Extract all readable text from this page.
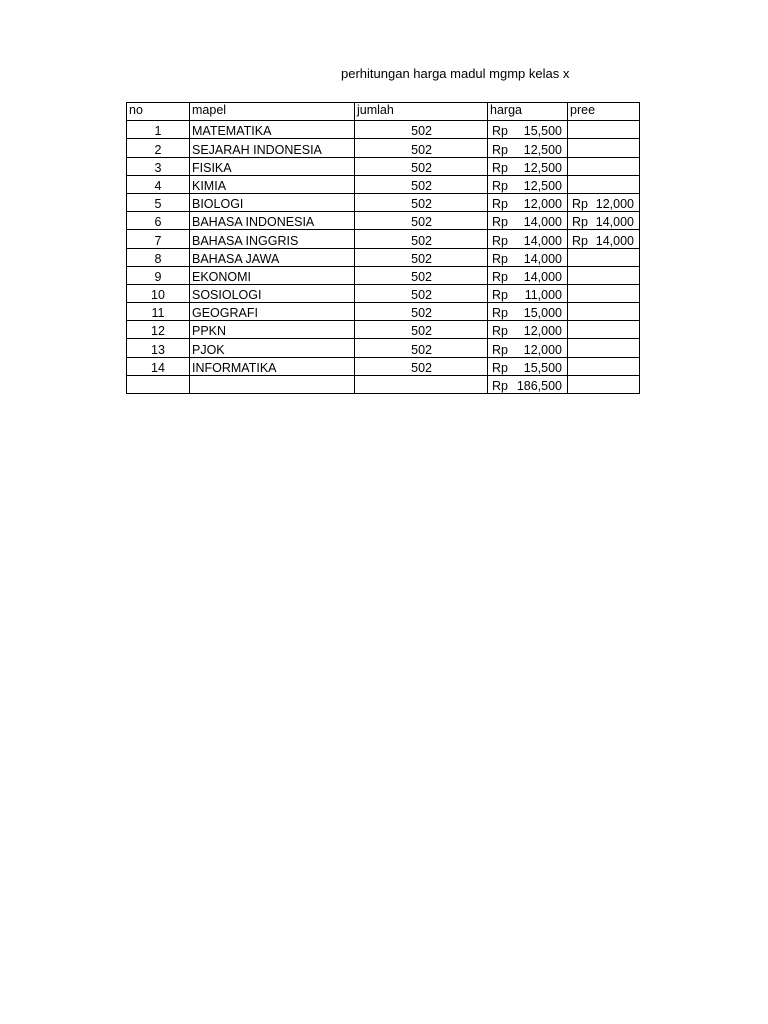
perhitungan harga madul mgmp kelas x
no	mapel	jumlah	harga	pree
1	MATEMATIKA	502	Rp 15,500	

2	SEJARAH INDONESIA	502	Rp 12,500	

3	FISIKA	502	Rp 12,500	

4	KIMIA	502	Rp 12,500	

5	BIOLOGI	502	Rp 12,000	Rp 12,000

6	BAHASA INDONESIA	502	Rp 14,000	Rp 14,000

7	BAHASA INGGRIS	502	Rp 14,000	Rp 14,000

8	BAHASA JAWA	502	Rp 14,000	

9	EKONOMI	502	Rp 14,000	

10	SOSIOLOGI	502	Rp 11,000	

11	GEOGRAFI	502	Rp 15,000	

12	PPKN	502	Rp 12,000	

13	PJOK	502	Rp 12,000	

14	INFORMATIKA	502	Rp 15,500	

			Rp 186,500	
